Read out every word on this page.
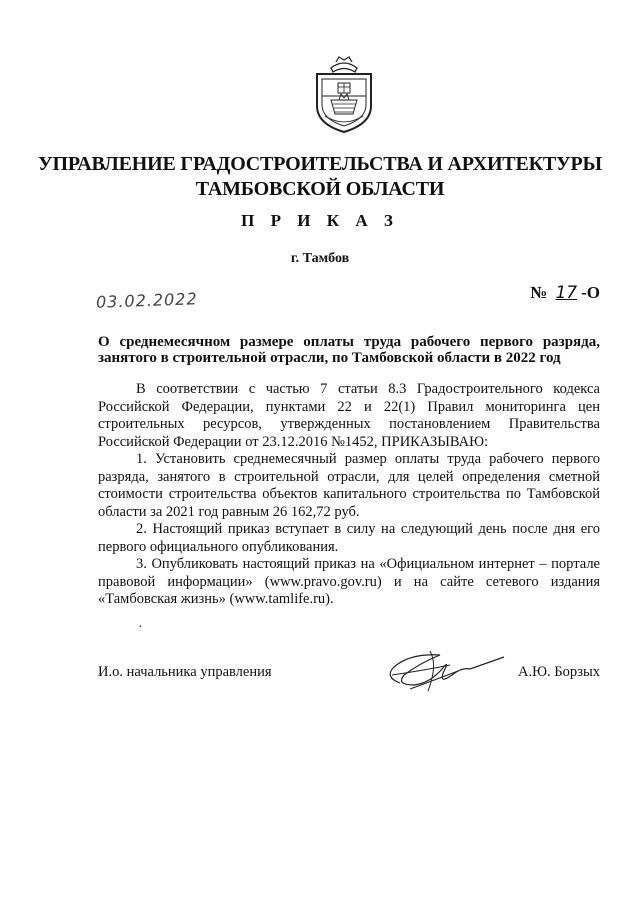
УПРАВЛЕНИЕ ГРАДОСТРОИТЕЛЬСТВА И АРХИТЕКТУРЫ
ТАМБОВСКОЙ ОБЛАСТИ
П Р И К А З
г. Тамбов
03.02.2022	№ 17 -О
О среднемесячном размере оплаты труда рабочего первого разряда, занятого в строительной отрасли, по Тамбовской области в 2022 год

В соответствии с частью 7 статьи 8.3 Градостроительного кодекса Российской Федерации, пунктами 22 и 22(1) Правил мониторинга цен строительных ресурсов, утвержденных постановлением Правительства Российской Федерации от 23.12.2016 №1452, ПРИКАЗЫВАЮ:

1. Установить среднемесячный размер оплаты труда рабочего первого разряда, занятого в строительной отрасли, для целей определения сметной стоимости строительства объектов капитального строительства по Тамбовской области за 2021 год равным 26 162,72 руб.

2. Настоящий приказ вступает в силу на следующий день после дня его первого официального опубликования.

3. Опубликовать настоящий приказ на «Официальном интернет – портале правовой информации» (www.pravo.gov.ru) и на сайте сетевого издания «Тамбовская жизнь» (www.tamlife.ru).

·
И.о. начальника управления	А.Ю. Борзых
